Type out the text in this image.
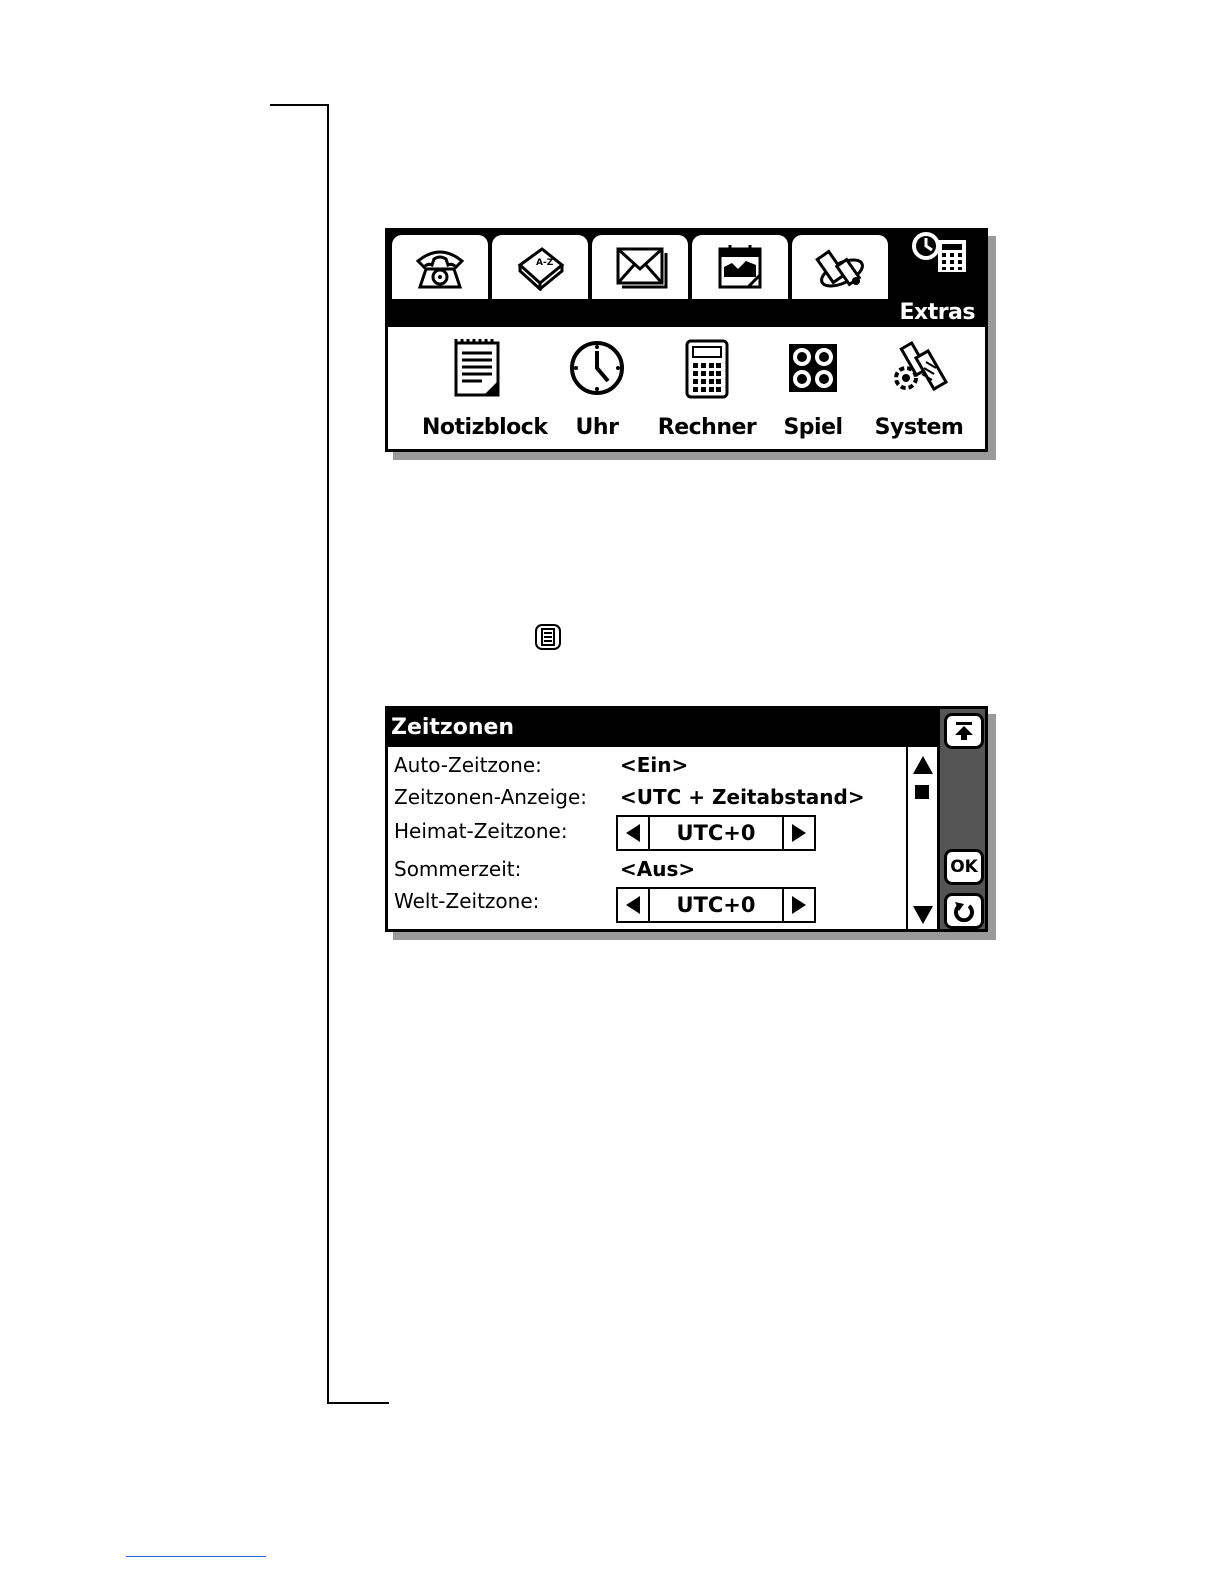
A-Z
Extras
Notizblock	Uhr	Rechner	Spiel	System
Zeitzonen
Auto-Zeitzone:	<Ein>
Zeitzonen-Anzeige: <UTC + Zeitabstand>
Heimat-Zeitzone:	UTC+0
Sommerzeit:	<Aus>
Welt-Zeitzone:	UTC+0
OK
